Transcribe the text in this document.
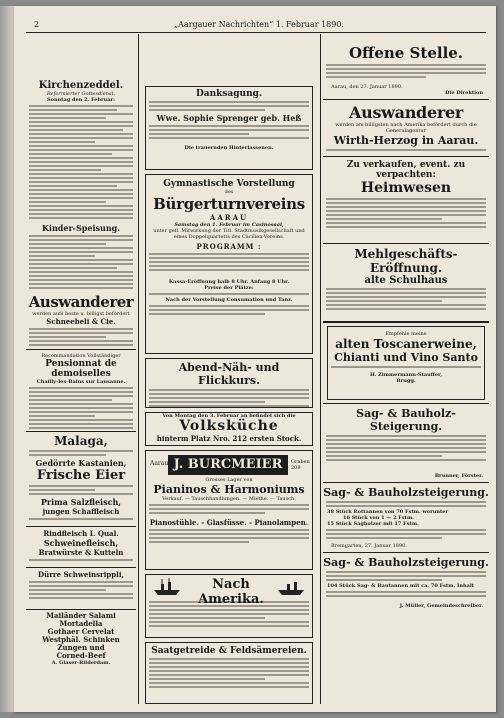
2	„Aargauer Nachrichten“ 1. Februar 1890.
Kirchenzeddel.
Reformierter Gottesdienst.
Sonntag den 2. Februar:
Kinder-Speisung.
Auswanderer
werden aufs beste u. billigst befördert
Schneebeli & Cie.
Recommandation Vollständiger
Pensionnat de demoiselles
Chailly-les-Bains sur Lausanne.
Malaga,
Gedörrte Kastanien,
Frische Eier
Prima Salzfleisch,
jungen Schaffleisch
Rindfleisch I. Qual.
Schweinefleisch,
Bratwürste & Kutteln
Dürre Schweinsrippli,
Mailänder Salami
Mortadella
Gothaer Cervelat
Westphäl. Schinken
Zungen und
Corned-Beef
A. Glaser-Bilderdam.
Danksagung.
Wwe. Sophie Sprenger geb. Heß
Die trauernden Hinterlassenen.
Gymnastische Vorstellung
des
Bürgerturnvereins
AARAU
Samstag den 1. Februar im Casinosaal,
unter gefl. Mitwirkung der Titl. Stadtmusikgesellschaft und eines Doppelquartetts des Cäcilien-Vereins.
PROGRAMM :
Kassa-Eröffnung halb 8 Uhr. Anfang 8 Uhr.
Preise der Plätze:
Nach der Vorstellung Consumation und Tanz.
Abend-Näh- und Flickkurs.
Von Montag den 3. Februar an befindet sich die
Volksküche
hinterm Platz Nro. 212 ersten Stock.
Aarau J. BURCMEIER	Graben 209
Grosses Lager von
Pianinos & Harmoniums
Verkauf. — Tauschhandlungen. — Miethe. — Tausch.
Pianostühle. - Glasfüsse. - Pianolampen.
Nach Amerika.
Saatgetreide & Feldsämereien.
Offene Stelle.
Aarau, den 27. Januar 1890.
Die Direktion
Auswanderer
werden am billigsten nach Amerika befördert durch die Generalagentur
Wirth-Herzog in Aarau.
Zu verkaufen, event. zu verpachten:
Heimwesen
Mehlgeschäfts-Eröffnung.
alte Schulhaus
Empfehle meine
alten Toscanerweine,
Chianti und Vino Santo
H. Zimmermann-Stauffer,
Brugg.
Sag- & Bauholz-Steigerung.
Brunner, Förster.
Sag- & Bauholzsteigerung.
38 Stück Rottannen von 70 Fstm. worunter
16 Stück von 1 — 2 Fstm.
15 Stück Sagholzer mit 17 Fstm.
Bremgarten, 27. Januar 1890.
Sag- & Bauholzsteigerung.
104 Stück Sag- & Bautannen mit ca. 70 Fstm. Inhalt
J. Müller, Gemeindeschreiber.
